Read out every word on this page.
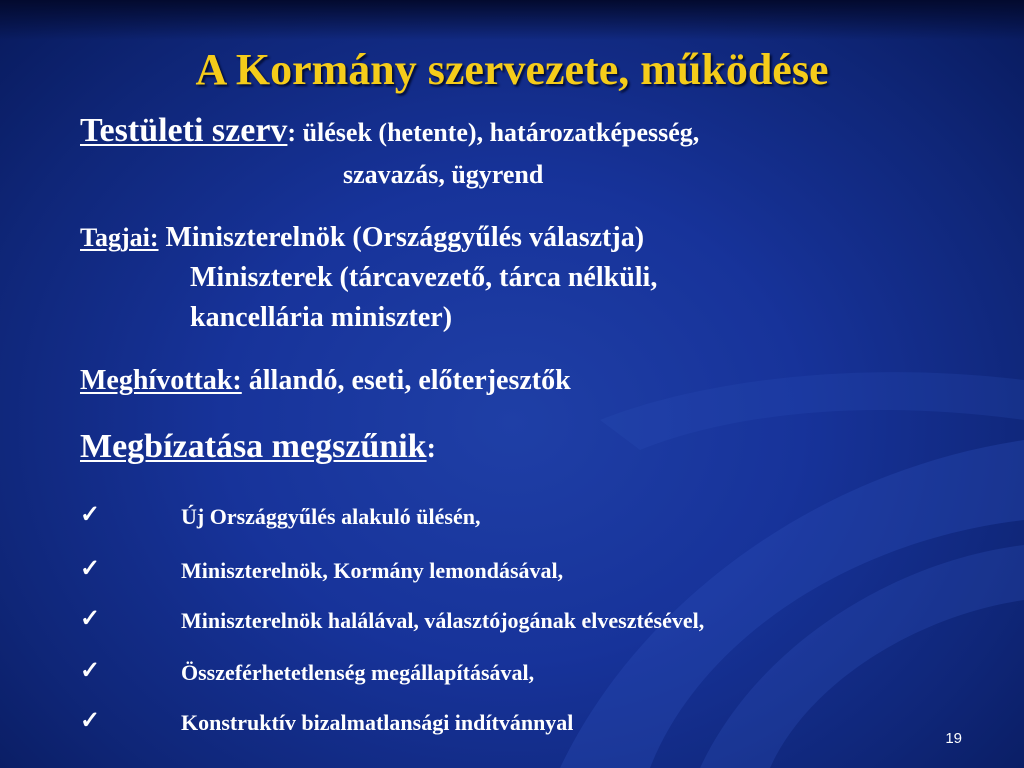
A Kormány szervezete, működése
Testületi szerv: ülések (hetente), határozatképesség,
szavazás, ügyrend
Tagjai: Miniszterelnök (Országgyűlés választja)
Miniszterek (tárcavezető, tárca nélküli,
kancellária miniszter)
Meghívottak: állandó, eseti, előterjesztők
Megbízatása megszűnik:
✓	Új Országgyűlés alakuló ülésén,
✓	Miniszterelnök, Kormány lemondásával,
✓	Miniszterelnök halálával, választójogának elvesztésével,
✓	Összeférhetetlenség megállapításával,
✓	Konstruktív bizalmatlansági indítvánnyal
19
